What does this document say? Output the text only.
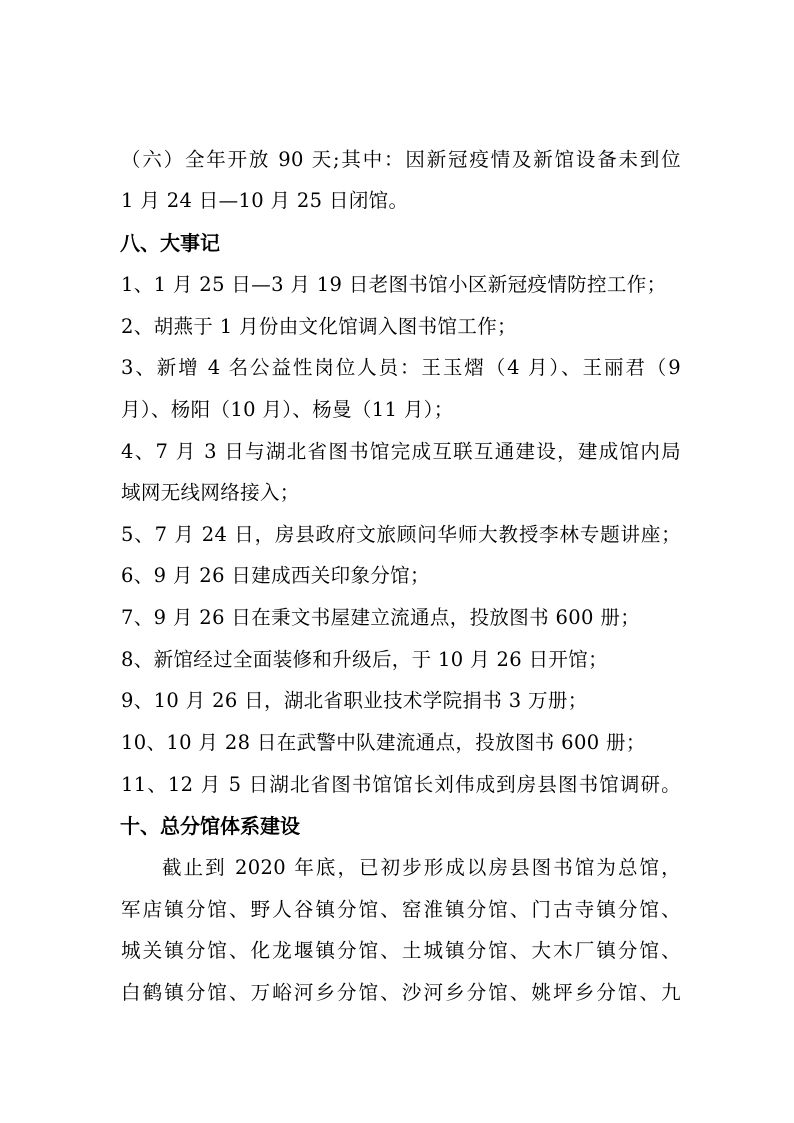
（六）全年开放 90 天;其中：因新冠疫情及新馆设备未到位
1 月 24 日—10 月 25 日闭馆。
八、大事记
1、1 月 25 日—3 月 19 日老图书馆小区新冠疫情防控工作；
2、胡燕于 1 月份由文化馆调入图书馆工作；
3、新增 4 名公益性岗位人员：王玉熠（4 月）、王丽君（9
月）、杨阳（10 月）、杨曼（11 月）；
4、7 月 3 日与湖北省图书馆完成互联互通建设，建成馆内局
域网无线网络接入；
5、7 月 24 日，房县政府文旅顾问华师大教授李林专题讲座；
6、9 月 26 日建成西关印象分馆；
7、9 月 26 日在秉文书屋建立流通点，投放图书 600 册；
8、新馆经过全面装修和升级后，于 10 月 26 日开馆；
9、10 月 26 日，湖北省职业技术学院捐书 3 万册；
10、10 月 28 日在武警中队建流通点，投放图书 600 册；
11、12 月 5 日湖北省图书馆馆长刘伟成到房县图书馆调研。
十、总分馆体系建设
截止到 2020 年底，已初步形成以房县图书馆为总馆，
军店镇分馆、野人谷镇分馆、窑淮镇分馆、门古寺镇分馆、
城关镇分馆、化龙堰镇分馆、土城镇分馆、大木厂镇分馆、
白鹤镇分馆、万峪河乡分馆、沙河乡分馆、姚坪乡分馆、九
